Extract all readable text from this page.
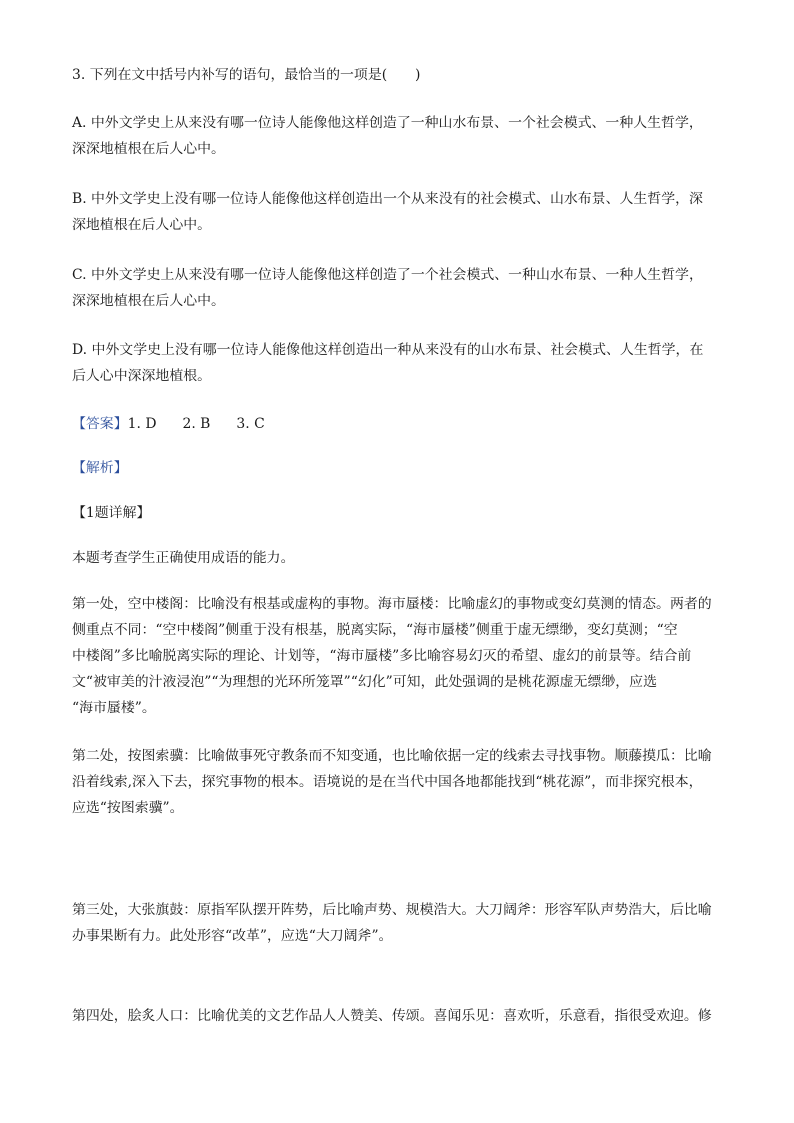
3. 下列在文中括号内补写的语句，最恰当的一项是(　　)

A. 中外文学史上从来没有哪一位诗人能像他这样创造了一种山水布景、一个社会模式、一种人生哲学，
深深地植根在后人心中。

B. 中外文学史上没有哪一位诗人能像他这样创造出一个从来没有的社会模式、山水布景、人生哲学，深
深地植根在后人心中。

C. 中外文学史上从来没有哪一位诗人能像他这样创造了一个社会模式、一种山水布景、一种人生哲学，
深深地植根在后人心中。

D. 中外文学史上没有哪一位诗人能像他这样创造出一种从来没有的山水布景、社会模式、人生哲学，在
后人心中深深地植根。

【答案】1. D 2. B 3. C

【解析】

【1题详解】

本题考查学生正确使用成语的能力。

第一处，空中楼阁：比喻没有根基或虚构的事物。海市蜃楼：比喻虚幻的事物或变幻莫测的情态。两者的
侧重点不同：“空中楼阁”侧重于没有根基，脱离实际，“海市蜃楼”侧重于虚无缥缈，变幻莫测；“空
中楼阁”多比喻脱离实际的理论、计划等，“海市蜃楼”多比喻容易幻灭的希望、虚幻的前景等。结合前
文“被审美的汁液浸泡”“为理想的光环所笼罩”“幻化”可知，此处强调的是桃花源虚无缥缈，应选
“海市蜃楼”。

第二处，按图索骥：比喻做事死守教条而不知变通，也比喻依据一定的线索去寻找事物。顺藤摸瓜：比喻
沿着线索,深入下去，探究事物的根本。语境说的是在当代中国各地都能找到“桃花源”，而非探究根本，
应选“按图索骥”。

第三处，大张旗鼓：原指军队摆开阵势，后比喻声势、规模浩大。大刀阔斧：形容军队声势浩大，后比喻
办事果断有力。此处形容“改革”，应选“大刀阔斧”。

第四处，脍炙人口：比喻优美的文艺作品人人赞美、传颂。喜闻乐见：喜欢听，乐意看，指很受欢迎。修
